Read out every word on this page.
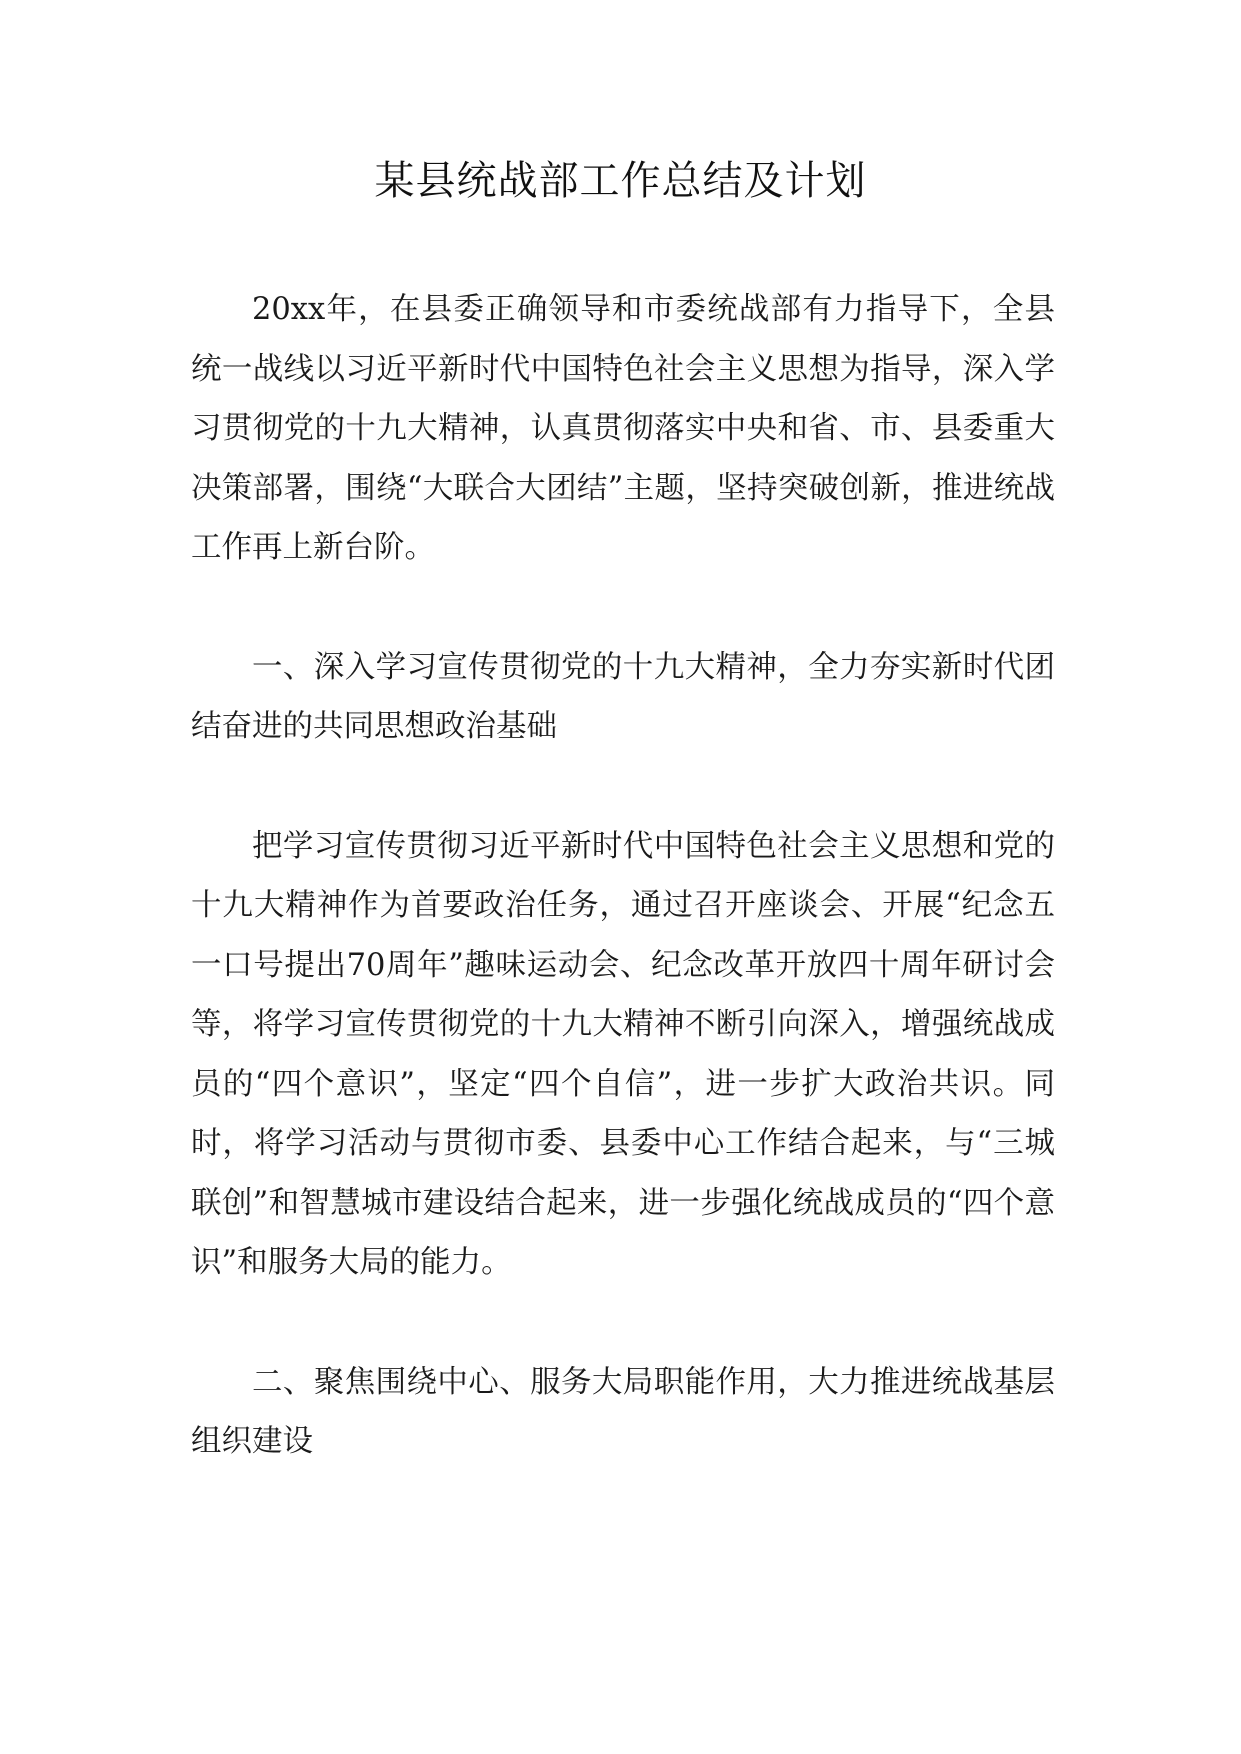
某县统战部工作总结及计划

20xx年，在县委正确领导和市委统战部有力指导下，全县统一战线以习近平新时代中国特色社会主义思想为指导，深入学习贯彻党的十九大精神，认真贯彻落实中央和省、市、县委重大决策部署，围绕“大联合大团结”主题，坚持突破创新，推进统战工作再上新台阶。

一、深入学习宣传贯彻党的十九大精神，全力夯实新时代团结奋进的共同思想政治基础

把学习宣传贯彻习近平新时代中国特色社会主义思想和党的十九大精神作为首要政治任务，通过召开座谈会、开展“纪念五一口号提出70周年”趣味运动会、纪念改革开放四十周年研讨会等，将学习宣传贯彻党的十九大精神不断引向深入，增强统战成员的“四个意识”，坚定“四个自信”，进一步扩大政治共识。同时，将学习活动与贯彻市委、县委中心工作结合起来，与“三城联创”和智慧城市建设结合起来，进一步强化统战成员的“四个意识”和服务大局的能力。

二、聚焦围绕中心、服务大局职能作用，大力推进统战基层组织建设
